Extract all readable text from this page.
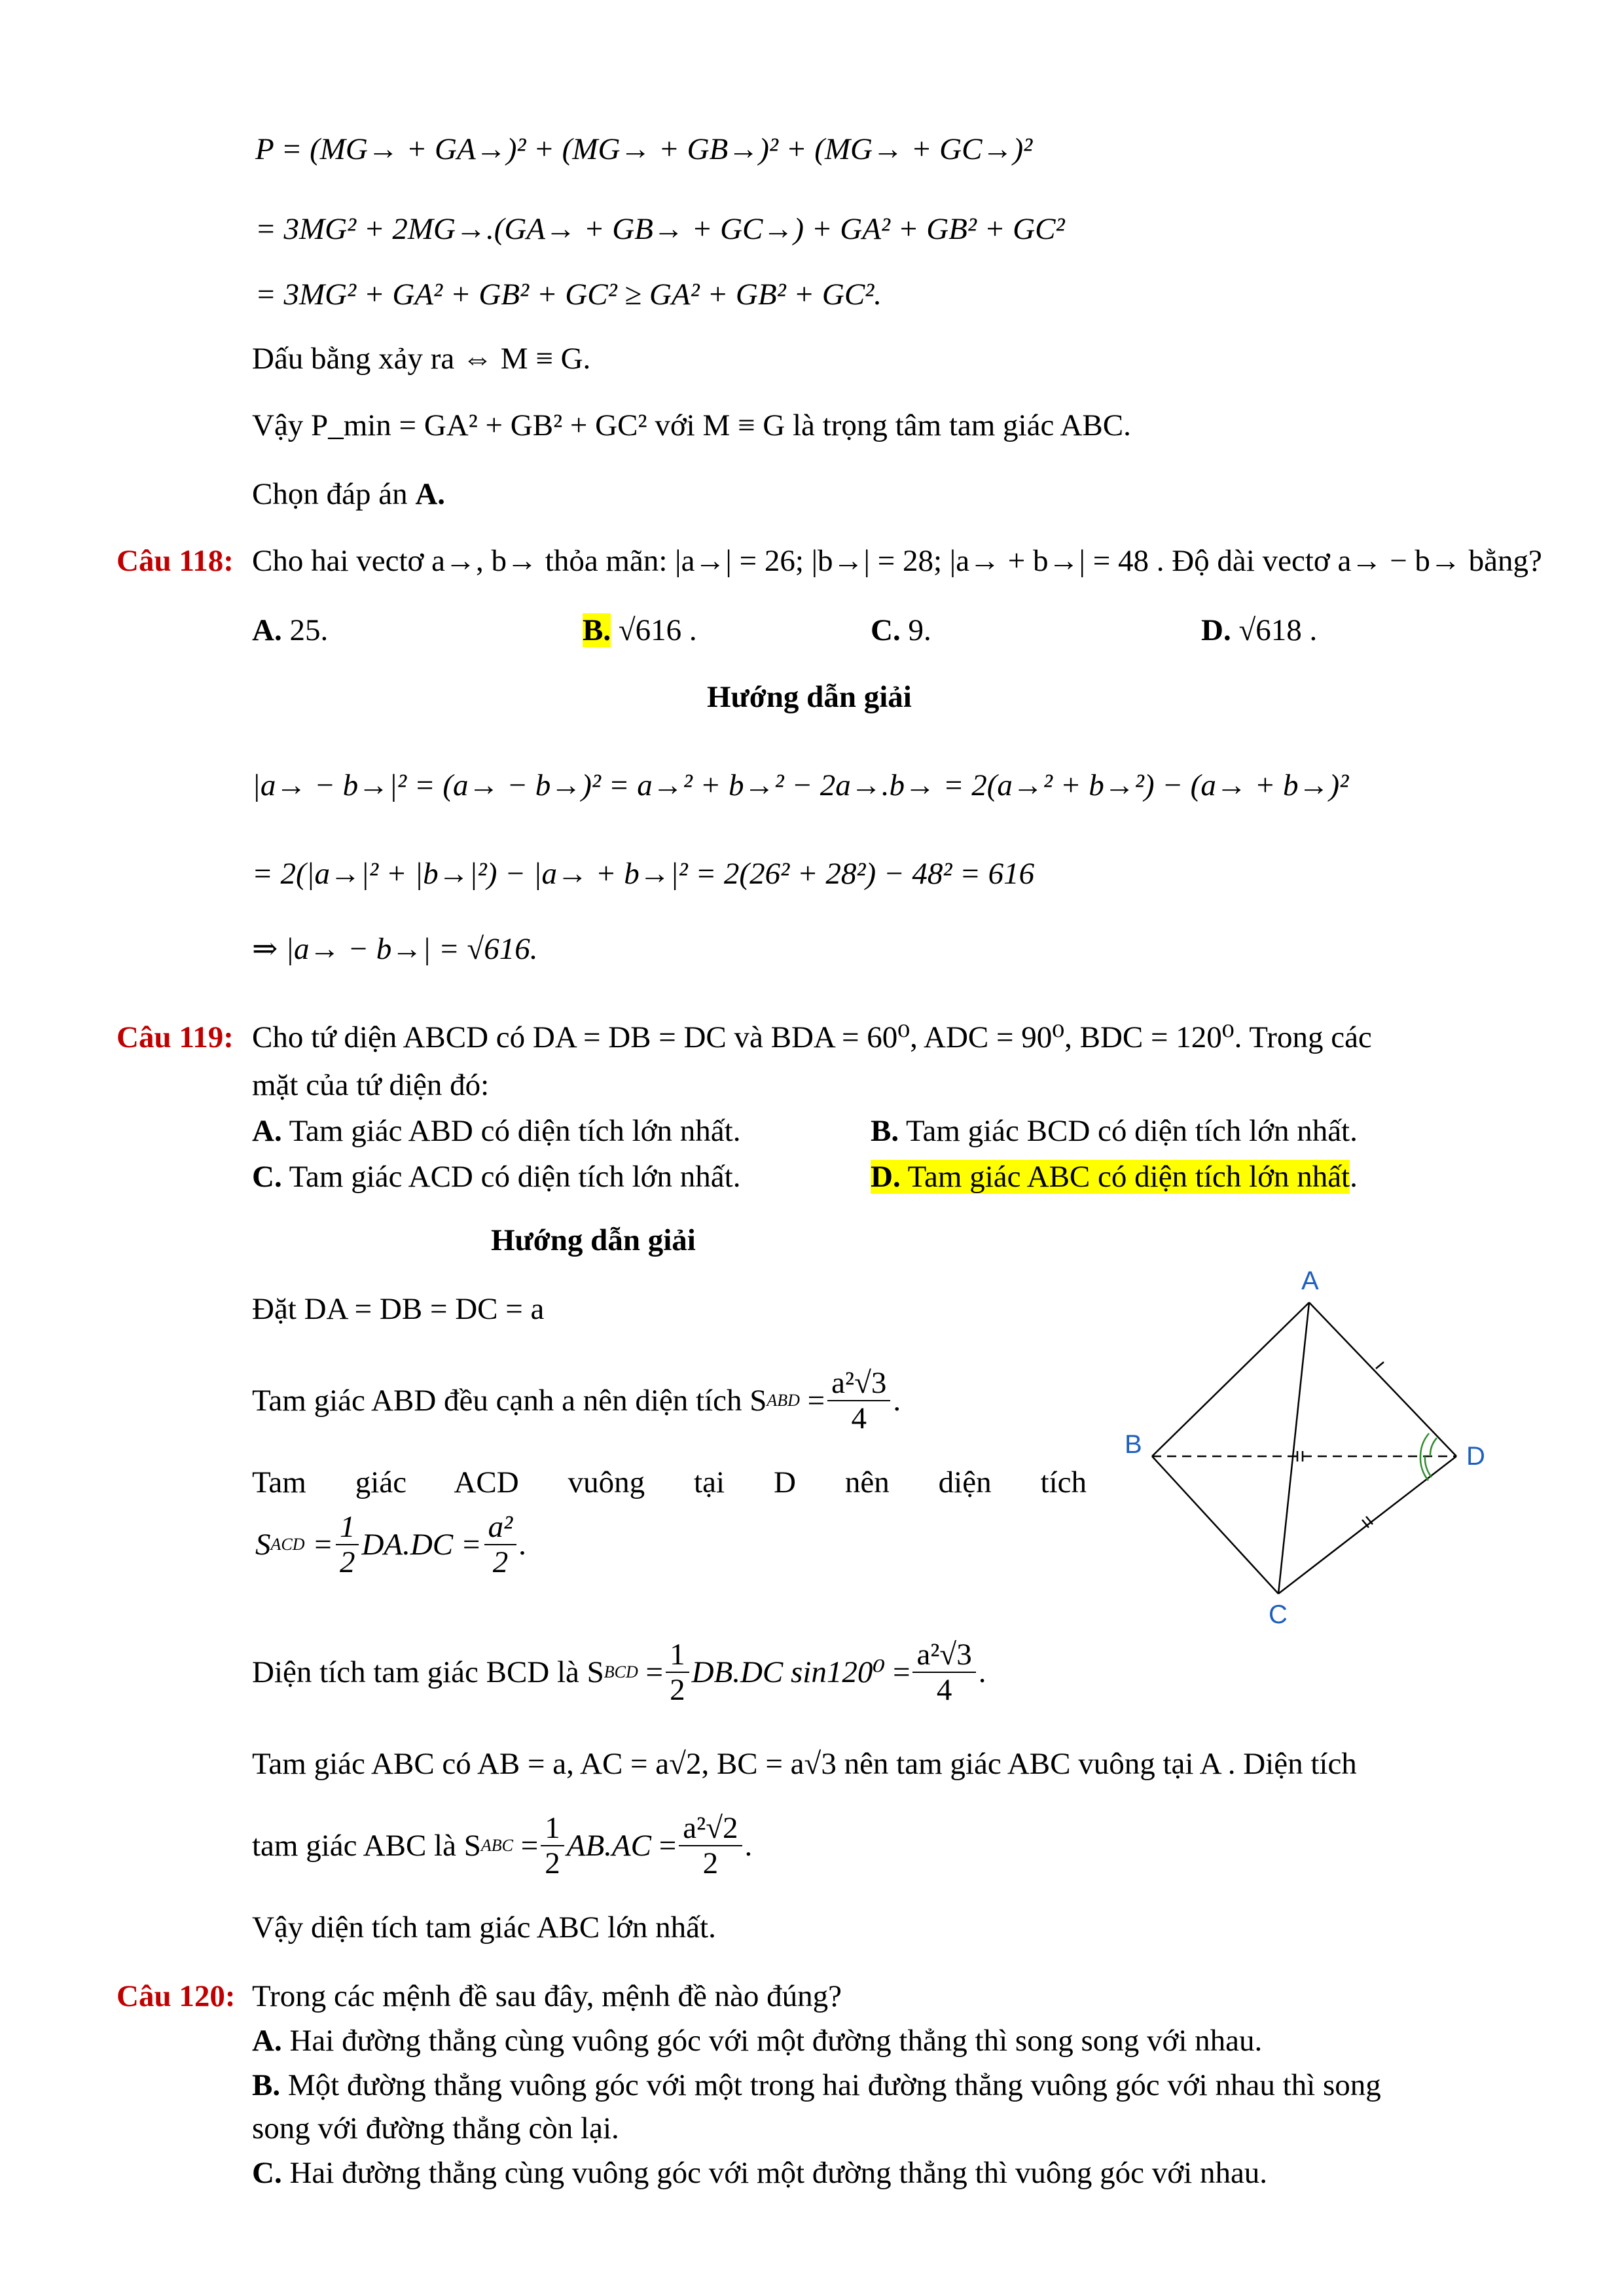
P = (MG→ + GA→)² + (MG→ + GB→)² + (MG→ + GC→)²
= 3MG² + 2MG→.(GA→ + GB→ + GC→) + GA² + GB² + GC²
= 3MG² + GA² + GB² + GC² ≥ GA² + GB² + GC².
Dấu bằng xảy ra ⇔ M ≡ G.
Vậy P_min = GA² + GB² + GC² với M ≡ G là trọng tâm tam giác ABC.
Chọn đáp án A.
Câu 118: Cho hai vectơ a→, b→ thỏa mãn: |a→| = 26; |b→| = 28; |a→ + b→| = 48 . Độ dài vectơ a→ − b→ bằng?
A. 25.	B. √616 .	C. 9.	D. √618 .
Hướng dẫn giải
|a→ − b→|² = (a→ − b→)² = a→² + b→² − 2a→.b→ = 2(a→² + b→²) − (a→ + b→)²
= 2(|a→|² + |b→|²) − |a→ + b→|² = 2(26² + 28²) − 48² = 616
⇒ |a→ − b→| = √616.
Câu 119: Cho tứ diện ABCD có DA = DB = DC và BDA = 60⁰, ADC = 90⁰, BDC = 120⁰. Trong các
mặt của tứ diện đó:
A. Tam giác ABD có diện tích lớn nhất.	B. Tam giác BCD có diện tích lớn nhất.
C. Tam giác ACD có diện tích lớn nhất.	D. Tam giác ABC có diện tích lớn nhất.
Hướng dẫn giải
Đặt DA = DB = DC = a
Tam giác ABD đều cạnh a nên diện tích S ABD = $\frac{\text{a²√3}}{4}$ .
Tam giác ACD vuông tại D nên diện tích
S ACD = $\frac{1}{2} DA.DC = \frac{\text{a²}}{2}$ .
Diện tích tam giác BCD là S BCD = $\frac{1}{2} DB.DC$ $\sin 120^0 = \frac{\text{a²√3}}{4}$ .
Tam giác ABC có AB = a, AC = a√2, BC = a√3 nên tam giác ABC vuông tại A . Diện tích
tam giác ABC là S ABC = $\frac{1}{2} AB.AC = \frac{\text{a²√2}}{2}$ .
Vậy diện tích tam giác ABC lớn nhất.
A
B
C
D
Câu 120: Trong các mệnh đề sau đây, mệnh đề nào đúng?
A. Hai đường thẳng cùng vuông góc với một đường thẳng thì song song với nhau.
B. Một đường thẳng vuông góc với một trong hai đường thẳng vuông góc với nhau thì song
song với đường thẳng còn lại.
C. Hai đường thẳng cùng vuông góc với một đường thẳng thì vuông góc với nhau.
